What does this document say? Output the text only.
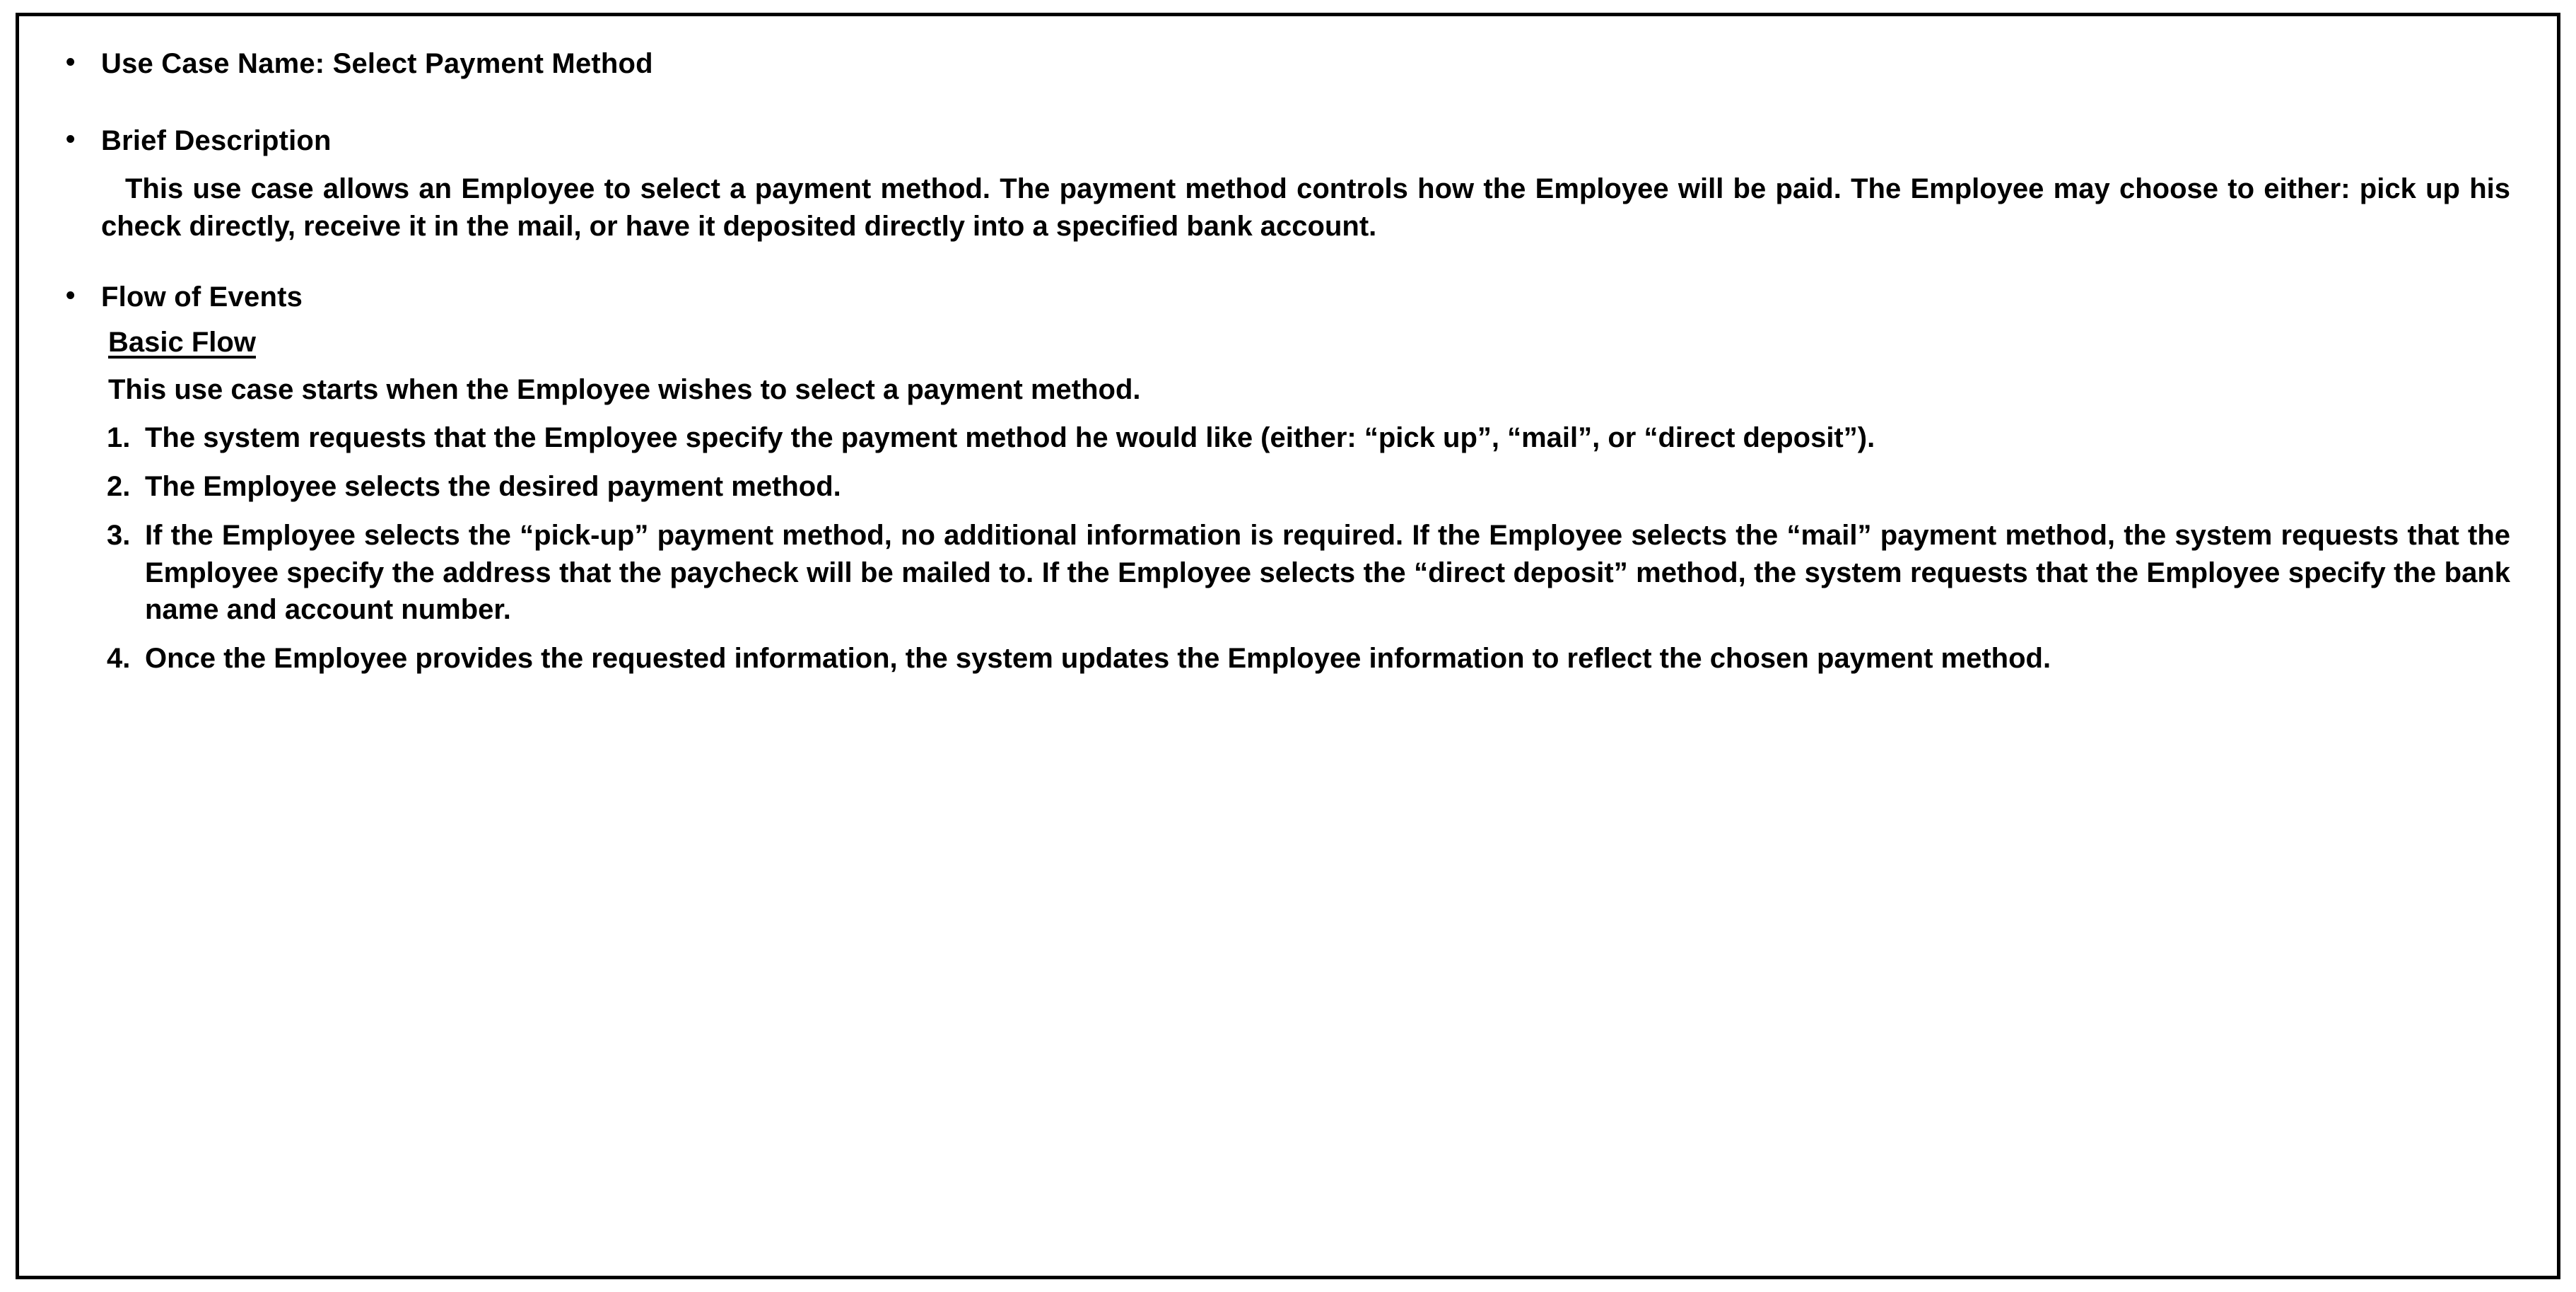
• Use Case Name: Select Payment Method
• Brief Description
This use case allows an Employee to select a payment method. The payment method controls how the Employee will be paid. The Employee may choose to either: pick up his check directly, receive it in the mail, or have it deposited directly into a specified bank account.
• Flow of Events
Basic Flow
This use case starts when the Employee wishes to select a payment method.
1. The system requests that the Employee specify the payment method he would like (either: “pick up”, “mail”, or “direct deposit”).
2. The Employee selects the desired payment method.
3. If the Employee selects the “pick-up” payment method, no additional information is required. If the Employee selects the “mail” payment method, the system requests that the Employee specify the address that the paycheck will be mailed to. If the Employee selects the “direct deposit” method, the system requests that the Employee specify the bank name and account number.
4. Once the Employee provides the requested information, the system updates the Employee information to reflect the chosen payment method.
